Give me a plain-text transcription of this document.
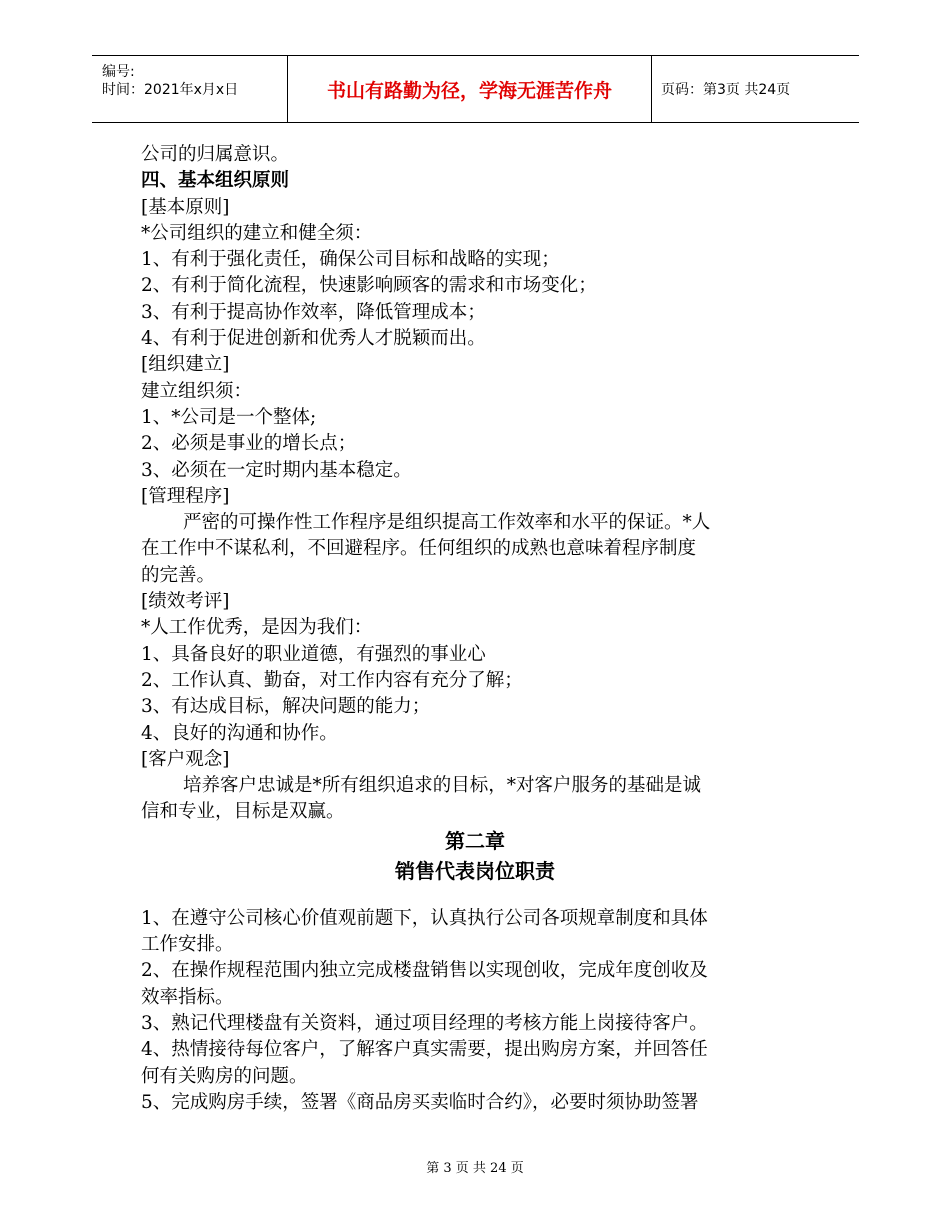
编号:
时间：2021年x月x日	书山有路勤为径，学海无涯苦作舟	页码：第3页 共24页
公司的归属意识。
四、基本组织原则
[基本原则]
*公司组织的建立和健全须：
1、有利于强化责任，确保公司目标和战略的实现；
2、有利于简化流程，快速影响顾客的需求和市场变化；
3、有利于提高协作效率，降低管理成本；
4、有利于促进创新和优秀人才脱颖而出。
[组织建立]
建立组织须：
1、*公司是一个整体;
2、必须是事业的增长点；
3、必须在一定时期内基本稳定。
[管理程序]
严密的可操作性工作程序是组织提高工作效率和水平的保证。*人
在工作中不谋私利，不回避程序。任何组织的成熟也意味着程序制度
的完善。
[绩效考评]
*人工作优秀，是因为我们：
1、具备良好的职业道德，有强烈的事业心
2、工作认真、勤奋，对工作内容有充分了解；
3、有达成目标，解决问题的能力；
4、良好的沟通和协作。
[客户观念]
培养客户忠诚是*所有组织追求的目标，*对客户服务的基础是诚
信和专业，目标是双赢。
第二章
销售代表岗位职责
1、在遵守公司核心价值观前题下，认真执行公司各项规章制度和具体
工作安排。
2、在操作规程范围内独立完成楼盘销售以实现创收，完成年度创收及
效率指标。
3、熟记代理楼盘有关资料，通过项目经理的考核方能上岗接待客户。
4、热情接待每位客户，了解客户真实需要，提出购房方案，并回答任
何有关购房的问题。
5、完成购房手续，签署《商品房买卖临时合约》，必要时须协助签署
第 3 页 共 24 页
